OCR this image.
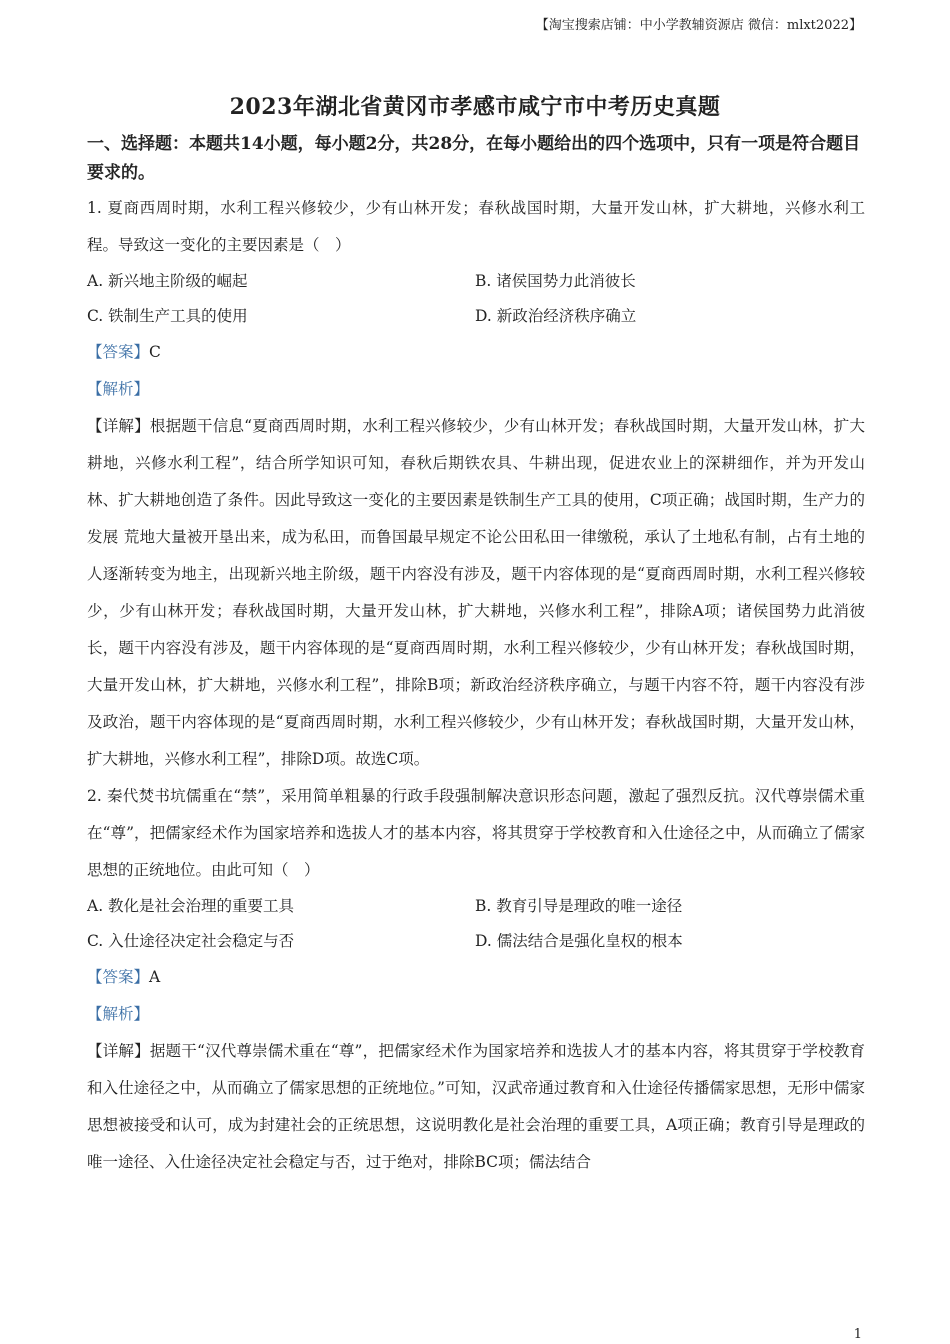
【淘宝搜索店铺：中小学教辅资源店 微信：mlxt2022】
2023年湖北省黄冈市孝感市咸宁市中考历史真题
一、选择题：本题共14小题，每小题2分，共28分，在每小题给出的四个选项中，只有一项是符合题目要求的。
1. 夏商西周时期，水利工程兴修较少，少有山林开发；春秋战国时期，大量开发山林，扩大耕地，兴修水利工程。导致这一变化的主要因素是（　）
A. 新兴地主阶级的崛起	B. 诸侯国势力此消彼长
C. 铁制生产工具的使用	D. 新政治经济秩序确立
【答案】C
【解析】
【详解】根据题干信息“夏商西周时期，水利工程兴修较少，少有山林开发；春秋战国时期，大量开发山林，扩大耕地，兴修水利工程”，结合所学知识可知，春秋后期铁农具、牛耕出现，促进农业上的深耕细作，并为开发山林、扩大耕地创造了条件。因此导致这一变化的主要因素是铁制生产工具的使用，C项正确；战国时期，生产力的发展 荒地大量被开垦出来，成为私田，而鲁国最早规定不论公田私田一律缴税，承认了土地私有制，占有土地的人逐渐转变为地主，出现新兴地主阶级，题干内容没有涉及，题干内容体现的是“夏商西周时期，水利工程兴修较少，少有山林开发；春秋战国时期，大量开发山林，扩大耕地，兴修水利工程”，排除A项；诸侯国势力此消彼长，题干内容没有涉及，题干内容体现的是“夏商西周时期，水利工程兴修较少，少有山林开发；春秋战国时期，大量开发山林，扩大耕地，兴修水利工程”，排除B项；新政治经济秩序确立，与题干内容不符，题干内容没有涉及政治，题干内容体现的是“夏商西周时期，水利工程兴修较少，少有山林开发；春秋战国时期，大量开发山林，扩大耕地，兴修水利工程”，排除D项。故选C项。
2. 秦代焚书坑儒重在“禁”，采用简单粗暴的行政手段强制解决意识形态问题，激起了强烈反抗。汉代尊崇儒术重在“尊”，把儒家经术作为国家培养和选拔人才的基本内容，将其贯穿于学校教育和入仕途径之中，从而确立了儒家思想的正统地位。由此可知（　）
A. 教化是社会治理的重要工具	B. 教育引导是理政的唯一途径
C. 入仕途径决定社会稳定与否	D. 儒法结合是强化皇权的根本
【答案】A
【解析】
【详解】据题干“汉代尊崇儒术重在“尊”，把儒家经术作为国家培养和选拔人才的基本内容，将其贯穿于学校教育和入仕途径之中，从而确立了儒家思想的正统地位。”可知，汉武帝通过教育和入仕途径传播儒家思想，无形中儒家思想被接受和认可，成为封建社会的正统思想，这说明教化是社会治理的重要工具，A项正确；教育引导是理政的唯一途径、入仕途径决定社会稳定与否，过于绝对，排除BC项；儒法结合
1
